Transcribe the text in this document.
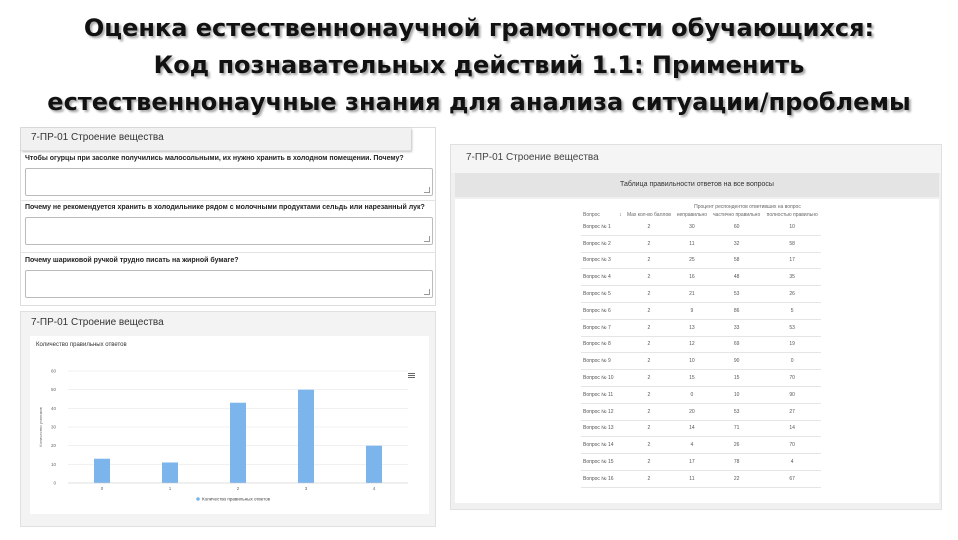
Оценка естественнонаучной грамотности обучающихся:
Код познавательных действий 1.1: Применить
естественнонаучные знания для анализа ситуации/проблемы
7-ПР-01 Строение вещества
Чтобы огурцы при засолке получились малосольными, их нужно хранить в холодном помещении. Почему?
Почему не рекомендуется хранить в холодильнике рядом с молочными продуктами сельдь или нарезанный лук?
Почему шариковой ручкой трудно писать на жирной бумаге?
7-ПР-01 Строение вещества
Количество правильных ответов
0
10
20
30
40
50
60
Количество учеников
0	1	2	3	4
Количество правильных ответов
7-ПР-01 Строение вещества
Таблица правильности ответов на все вопросы
			Процент респондентов ответивших на вопрос		
Вопрос	↕	Max кол-во баллов	неправильно	частично правильно	полностью правильно
Вопрос № 1		2	30	60	10
Вопрос № 2		2	11	32	58
Вопрос № 3		2	25	58	17
Вопрос № 4		2	16	48	35
Вопрос № 5		2	21	53	26
Вопрос № 6		2	9	86	5
Вопрос № 7		2	13	33	53
Вопрос № 8		2	12	69	19
Вопрос № 9		2	10	90	0
Вопрос № 10		2	15	15	70
Вопрос № 11		2	0	10	90
Вопрос № 12		2	20	53	27
Вопрос № 13		2	14	71	14
Вопрос № 14		2	4	26	70
Вопрос № 15		2	17	78	4
Вопрос № 16		2	11	22	67
